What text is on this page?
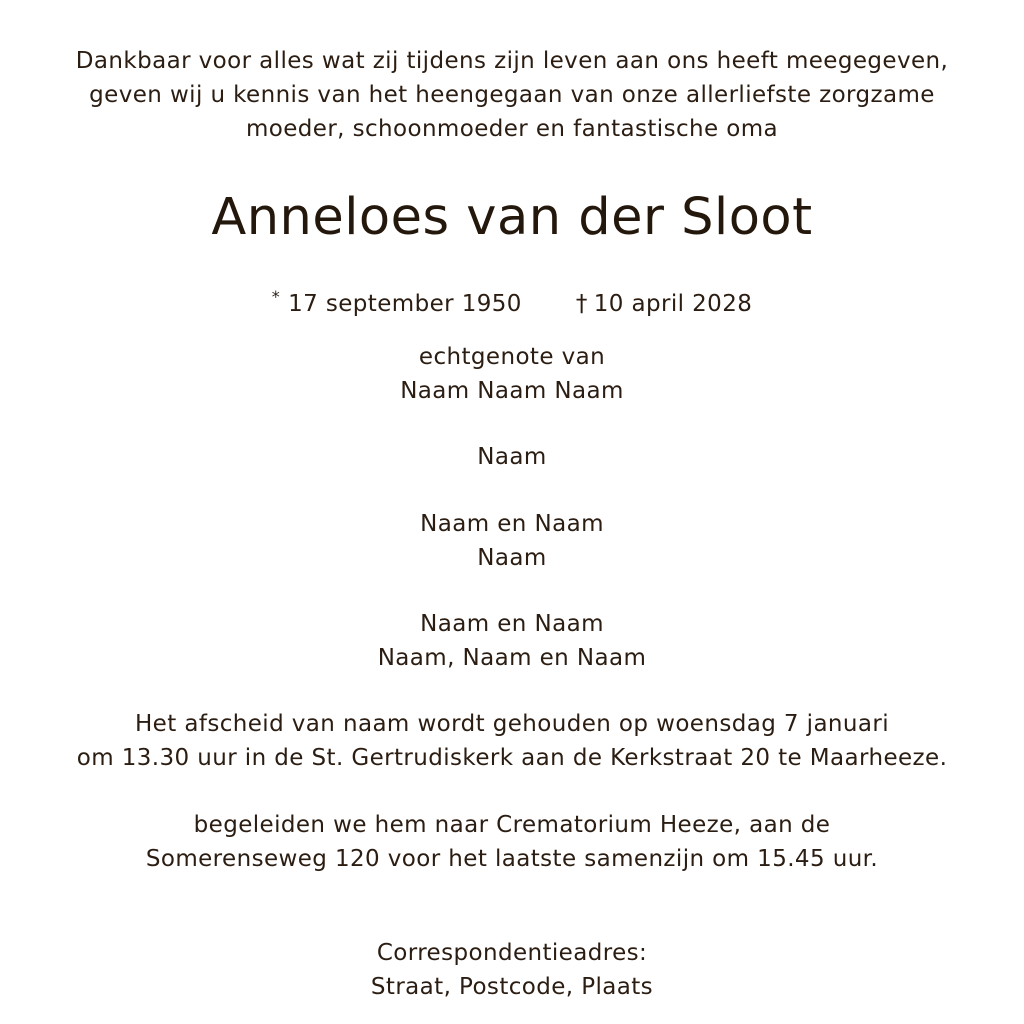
Dankbaar voor alles wat zij tijdens zijn leven aan ons heeft meegegeven,
geven wij u kennis van het heengegaan van onze allerliefste zorgzame
moeder, schoonmoeder en fantastische oma
Anneloes van der Sloot
* 17 september 1950 † 10 april 2028
echtgenote van
Naam Naam Naam
Naam
Naam en Naam
Naam
Naam en Naam
Naam, Naam en Naam
Het afscheid van naam wordt gehouden op woensdag 7 januari
om 13.30 uur in de St. Gertrudiskerk aan de Kerkstraat 20 te Maarheeze.
begeleiden we hem naar Crematorium Heeze, aan de
Somerenseweg 120 voor het laatste samenzijn om 15.45 uur.
Correspondentieadres:
Straat, Postcode, Plaats
